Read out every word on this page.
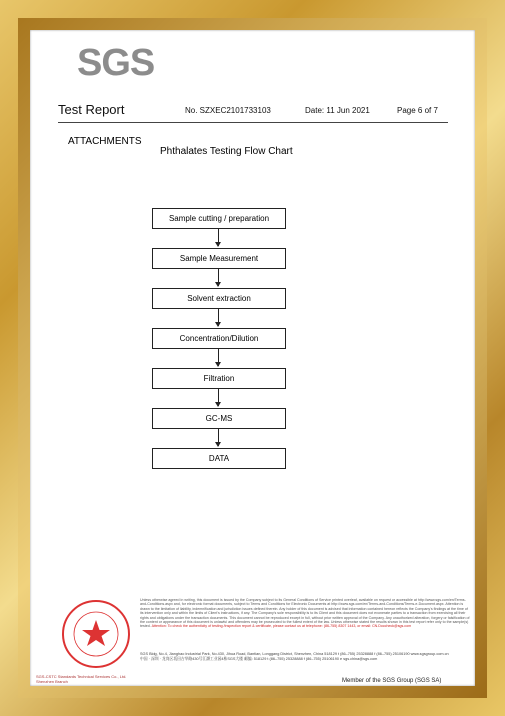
SGS
Test Report	No. SZXEC2101733103	Date: 11 Jun 2021	Page 6 of 7
ATTACHMENTS
Phthalates Testing Flow Chart
Sample cutting / preparation
Sample Measurement
Solvent extraction
Concentration/Dilution
Filtration
GC-MS
DATA
SGS-CSTC Standards Technical Services Co., Ltd. Shenzhen Branch
Unless otherwise agreed in writing, this document is issued by the Company subject to its General Conditions of Service printed overleaf, available on request or accessible at http://www.sgs.com/en/Terms-and-Conditions.aspx and, for electronic format documents, subject to Terms and Conditions for Electronic Documents at http://www.sgs.com/en/Terms-and-Conditions/Terms-e-Document.aspx. Attention is drawn to the limitation of liability, indemnification and jurisdiction issues defined therein. Any holder of this document is advised that information contained hereon reflects the Company's findings at the time of its intervention only and within the limits of Client's instructions, if any. The Company's sole responsibility is to its Client and this document does not exonerate parties to a transaction from exercising all their rights and obligations under the transaction documents. This document cannot be reproduced except in full, without prior written approval of the Company. Any unauthorized alteration, forgery or falsification of the content or appearance of this document is unlawful and offenders may be prosecuted to the fullest extent of the law. Unless otherwise stated the results shown in this test report refer only to the sample(s) tested. Attention: To check the authenticity of testing /inspection report & certificate, please contact us at telephone: (86-755) 8307 1443, or email: CN.Doccheck@sgs.com
SGS Bldg, No.4, Jianghao Industrial Park, No.430, Jihua Road, Bantian, Longgang District, Shenzhen, China 518129 t (86–755) 25328888 f (86–755) 25106190 www.sgsgroup.com.cn
中国 · 深圳 · 龙岗区坂田吉华路430号江灏工业园4栋SGS大楼 邮编: 518129 t (86–755) 25328888 f (86–755) 25106190 e sgs.china@sgs.com
Member of the SGS Group (SGS SA)
